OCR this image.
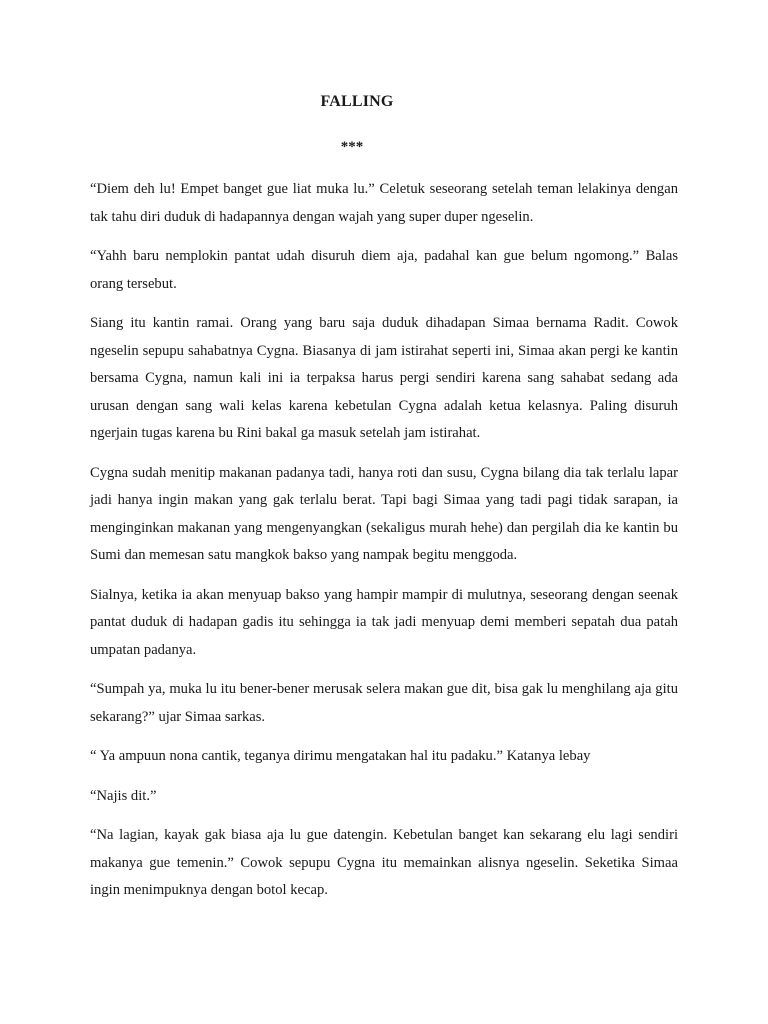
FALLING
***

“Diem deh lu! Empet banget gue liat muka lu.” Celetuk seseorang setelah teman lelakinya dengan tak tahu diri duduk di hadapannya dengan wajah yang super duper ngeselin.

“Yahh baru nemplokin pantat udah disuruh diem aja, padahal kan gue belum ngomong.” Balas orang tersebut.

Siang itu kantin ramai. Orang yang baru saja duduk dihadapan Simaa bernama Radit. Cowok ngeselin sepupu sahabatnya Cygna. Biasanya di jam istirahat seperti ini, Simaa akan pergi ke kantin bersama Cygna, namun kali ini ia terpaksa harus pergi sendiri karena sang sahabat sedang ada urusan dengan sang wali kelas karena kebetulan Cygna adalah ketua kelasnya. Paling disuruh ngerjain tugas karena bu Rini bakal ga masuk setelah jam istirahat.

Cygna sudah menitip makanan padanya tadi, hanya roti dan susu, Cygna bilang dia tak terlalu lapar jadi hanya ingin makan yang gak terlalu berat. Tapi bagi Simaa yang tadi pagi tidak sarapan, ia menginginkan makanan yang mengenyangkan (sekaligus murah hehe) dan pergilah dia ke kantin bu Sumi dan memesan satu mangkok bakso yang nampak begitu menggoda.

Sialnya, ketika ia akan menyuap bakso yang hampir mampir di mulutnya, seseorang dengan seenak pantat duduk di hadapan gadis itu sehingga ia tak jadi menyuap demi memberi sepatah dua patah umpatan padanya.

“Sumpah ya, muka lu itu bener-bener merusak selera makan gue dit, bisa gak lu menghilang aja gitu sekarang?” ujar Simaa sarkas.

“ Ya ampuun nona cantik, teganya dirimu mengatakan hal itu padaku.” Katanya lebay

“Najis dit.”

“Na lagian, kayak gak biasa aja lu gue datengin. Kebetulan banget kan sekarang elu lagi sendiri makanya gue temenin.” Cowok sepupu Cygna itu memainkan alisnya ngeselin. Seketika Simaa ingin menimpuknya dengan botol kecap.
